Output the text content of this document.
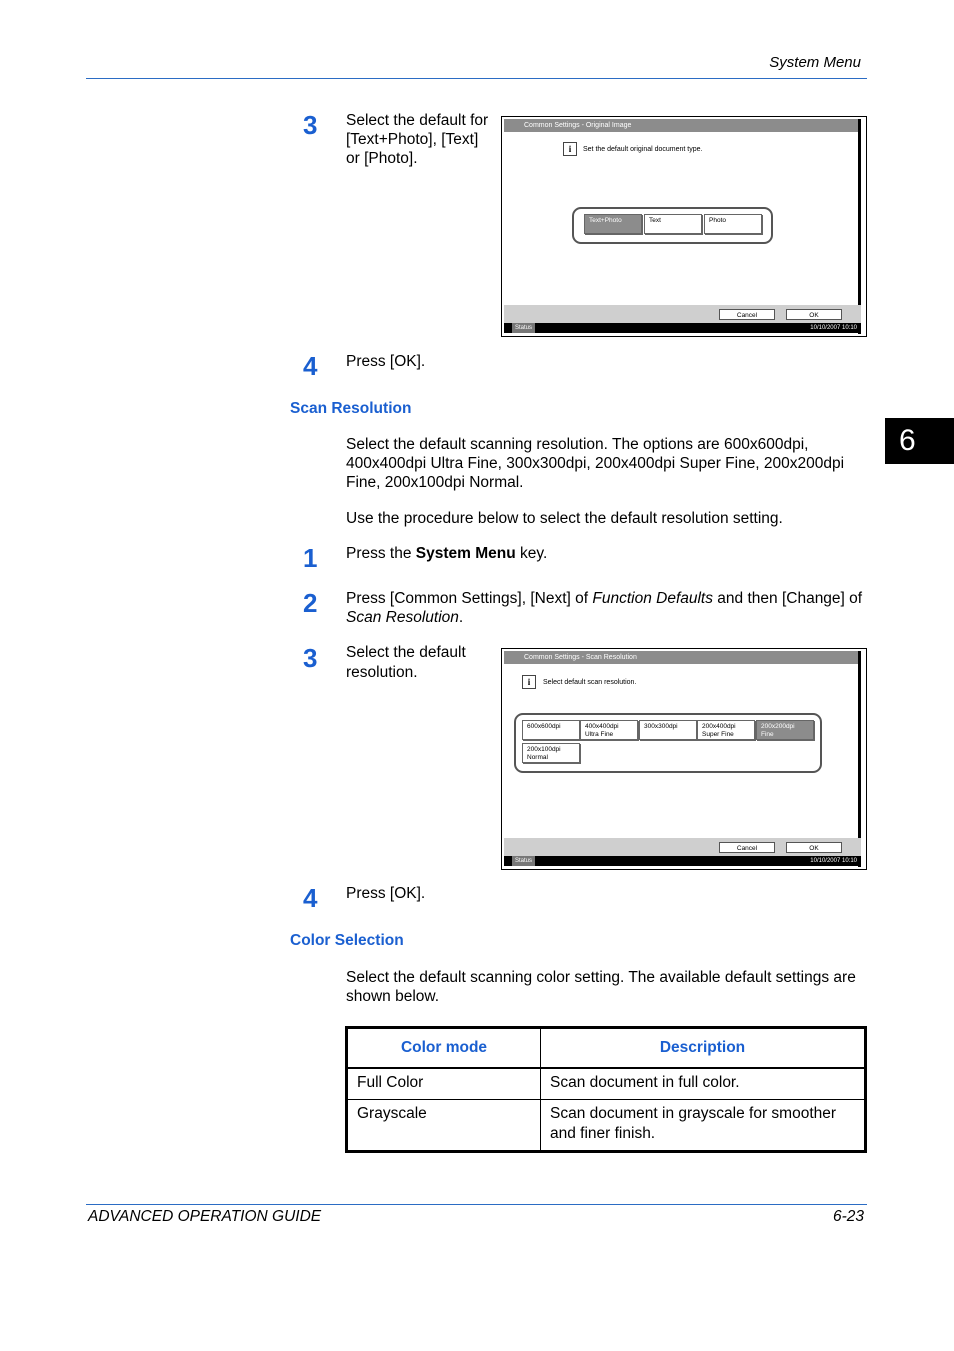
System Menu
6
3 Select the default for [Text+Photo], [Text] or [Photo].
Common Settings - Original Image
i	Set the default original document type.
Text+Photo	Text	Photo
Cancel	OK
Status	10/10/2007 10:10
4 Press [OK].
Scan Resolution
Select the default scanning resolution. The options are 600x600dpi, 400x400dpi Ultra Fine, 300x300dpi, 200x400dpi Super Fine, 200x200dpi Fine, 200x100dpi Normal.
Use the procedure below to select the default resolution setting.
1 Press the System Menu key.
2 Press [Common Settings], [Next] of Function Defaults and then [Change] of Scan Resolution.
3 Select the default resolution.
Common Settings - Scan Resolution
i	Select default scan resolution.
600x600dpi	400x400dpi
Ultra Fine
300x300dpi	200x400dpi
Super Fine
200x200dpi
Fine
200x100dpi
Normal
Cancel	OK
Status	10/10/2007 10:10
4 Press [OK].
Color Selection
Select the default scanning color setting. The available default settings are shown below.
Color mode	Description
Full Color	Scan document in full color.
Grayscale	Scan document in grayscale for smoother and finer finish.
ADVANCED OPERATION GUIDE	6-23
